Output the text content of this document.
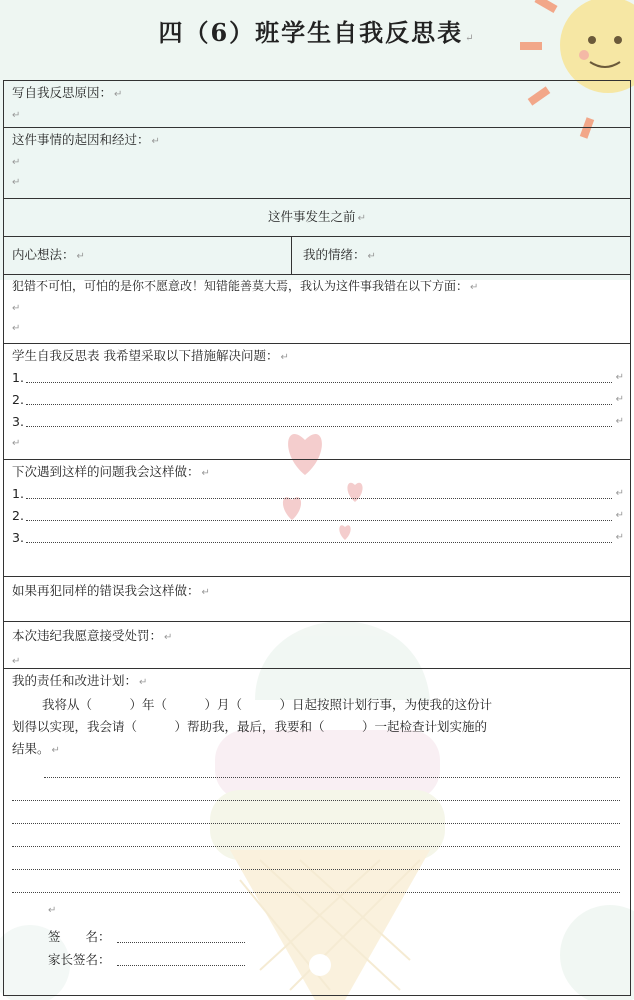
四（6）班学生自我反思表 ↵
写自我反思原因： ↵
↵
这件事情的起因和经过： ↵
↵
↵
这件事发生之前 ↵
内心想法： ↵	我的情绪： ↵
犯错不可怕，可怕的是你不愿意改！知错能善莫大焉，我认为这件事我错在以下方面： ↵
↵
↵
学生自我反思表 我希望采取以下措施解决问题： ↵
1.	↵
2.	↵
3.	↵
↵
下次遇到这样的问题我会这样做： ↵
1.	↵
2.	↵
3.	↵
如果再犯同样的错误我会这样做： ↵
本次违纪我愿意接受处罚： ↵
↵
我的责任和改进计划： ↵
我将从（　　　）年（　　　）月（　　　）日起按照计划行事，为使我的这份计
划得以实现，我会请（　　　）帮助我，最后，我要和（　　　）一起检查计划实施的
结果。 ↵
↵
签　　名：
家长签名：
